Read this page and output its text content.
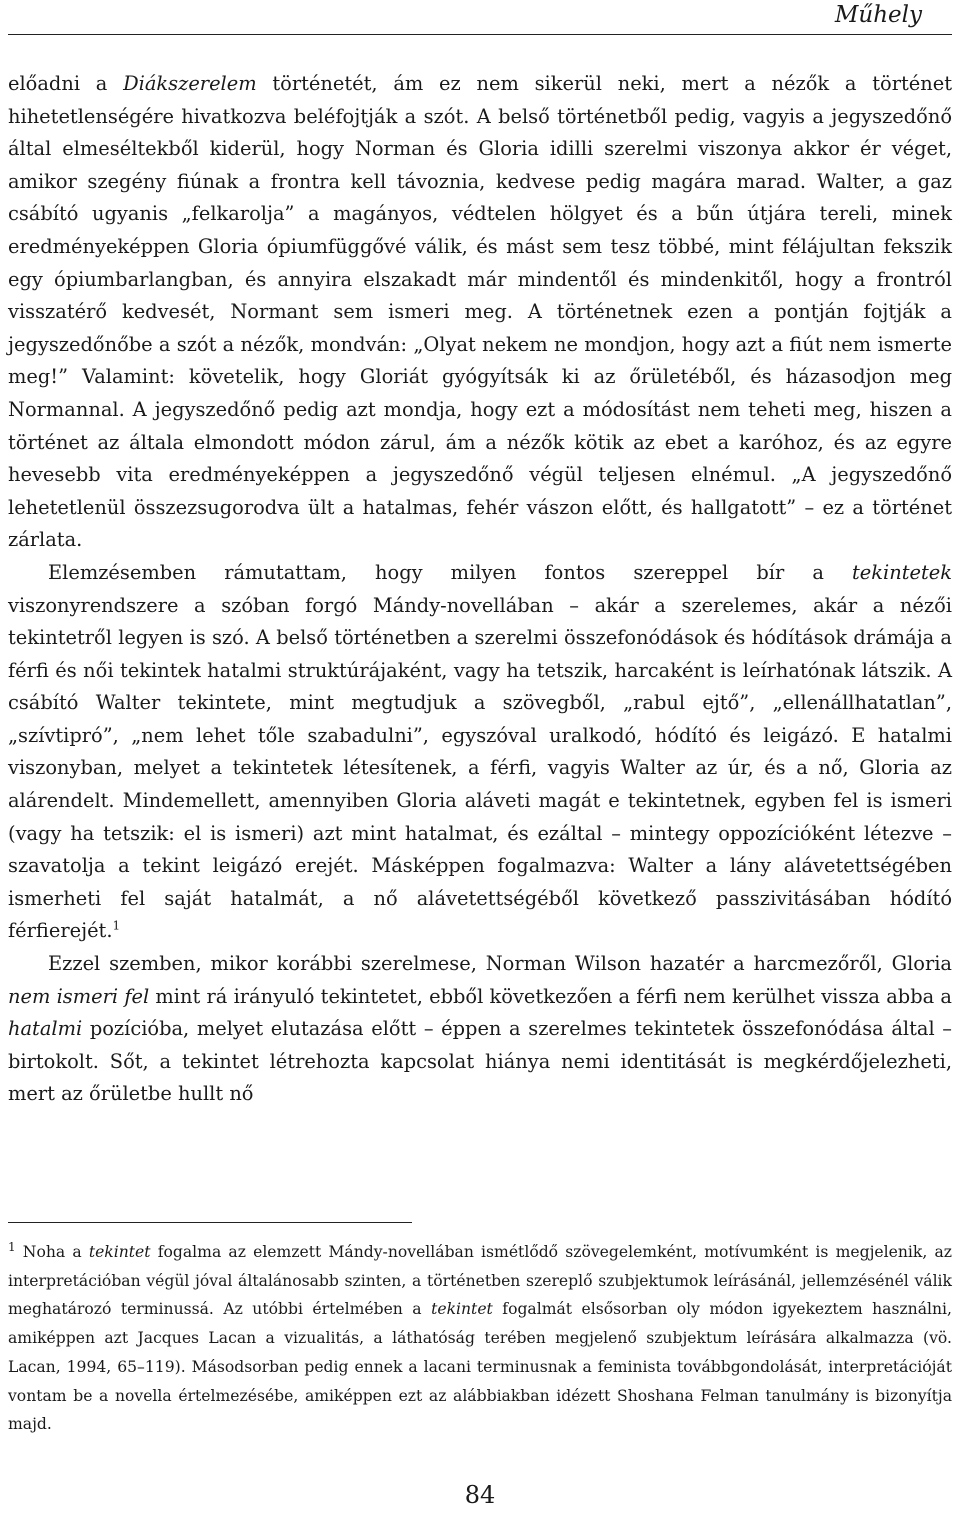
Műhely

előadni a Diákszerelem történetét, ám ez nem sikerül neki, mert a nézők a történet hihetetlenségére hivatkozva beléfojtják a szót. A belső történetből pedig, vagyis a jegyszedőnő által elmeséltekből kiderül, hogy Norman és Gloria idilli szerelmi viszonya akkor ér véget, amikor szegény fiúnak a frontra kell távoznia, kedvese pedig magára marad. Walter, a gaz csábító ugyanis „felkarolja” a magányos, védtelen hölgyet és a bűn útjára tereli, minek eredményeképpen Gloria ópiumfüggővé válik, és mást sem tesz többé, mint félájultan fekszik egy ópiumbarlangban, és annyira elszakadt már mindentől és mindenkitől, hogy a frontról visszatérő kedvesét, Normant sem ismeri meg. A történetnek ezen a pontján fojtják a jegyszedőnőbe a szót a nézők, mondván: „Olyat nekem ne mondjon, hogy azt a fiút nem ismerte meg!” Valamint: követelik, hogy Gloriát gyógyítsák ki az őrületéből, és házasodjon meg Normannal. A jegyszedőnő pedig azt mondja, hogy ezt a módosítást nem teheti meg, hiszen a történet az általa elmondott módon zárul, ám a nézők kötik az ebet a karóhoz, és az egyre hevesebb vita eredményeképpen a jegyszedőnő végül teljesen elnémul. „A jegyszedőnő lehetetlenül összezsugorodva ült a hatalmas, fehér vászon előtt, és hallgatott” – ez a történet zárlata.

Elemzésemben rámutattam, hogy milyen fontos szereppel bír a tekintetek viszonyrendszere a szóban forgó Mándy-novellában – akár a szerelemes, akár a nézői tekintetről legyen is szó. A belső történetben a szerelmi összefonódások és hódítások drámája a férfi és női tekintek hatalmi struktúrájaként, vagy ha tetszik, harcaként is leírhatónak látszik. A csábító Walter tekintete, mint megtudjuk a szövegből, „rabul ejtő”, „ellenállhatatlan”, „szívtipró”, „nem lehet tőle szabadulni”, egyszóval uralkodó, hódító és leigázó. E hatalmi viszonyban, melyet a tekintetek létesítenek, a férfi, vagyis Walter az úr, és a nő, Gloria az alárendelt. Mindemellett, amennyiben Gloria aláveti magát e tekintetnek, egyben fel is ismeri (vagy ha tetszik: el is ismeri) azt mint hatalmat, és ezáltal – mintegy oppozícióként létezve – szavatolja a tekint leigázó erejét. Másképpen fogalmazva: Walter a lány alávetettségében ismerheti fel saját hatalmát, a nő alávetettségéből következő passzivitásában hódító férfierejét.$^1$

Ezzel szemben, mikor korábbi szerelmese, Norman Wilson hazatér a harcmezőről, Gloria nem ismeri fel mint rá irányuló tekintetet, ebből következően a férfi nem kerülhet vissza abba a hatalmi pozícióba, melyet elutazása előtt – éppen a szerelmes tekintetek összefonódása által – birtokolt. Sőt, a tekintet létrehozta kapcsolat hiánya nemi identitását is megkérdőjelezheti, mert az őrületbe hullt nő

$^1$ Noha a tekintet fogalma az elemzett Mándy-novellában ismétlődő szövegelemként, motívumként is megjelenik, az interpretációban végül jóval általánosabb szinten, a történetben szereplő szubjektumok leírásánál, jellemzésénél válik meghatározó terminussá. Az utóbbi értelmében a tekintet fogalmát elsősorban oly módon igyekeztem használni, amiképpen azt Jacques Lacan a vizualitás, a láthatóság terében megjelenő szubjektum leírására alkalmazza (vö. Lacan, 1994, 65–119). Másodsorban pedig ennek a lacani terminusnak a feminista továbbgondolását, interpretációját vontam be a novella értelmezésébe, amiképpen ezt az alábbiakban idézett Shoshana Felman tanulmány is bizonyítja majd.
84
